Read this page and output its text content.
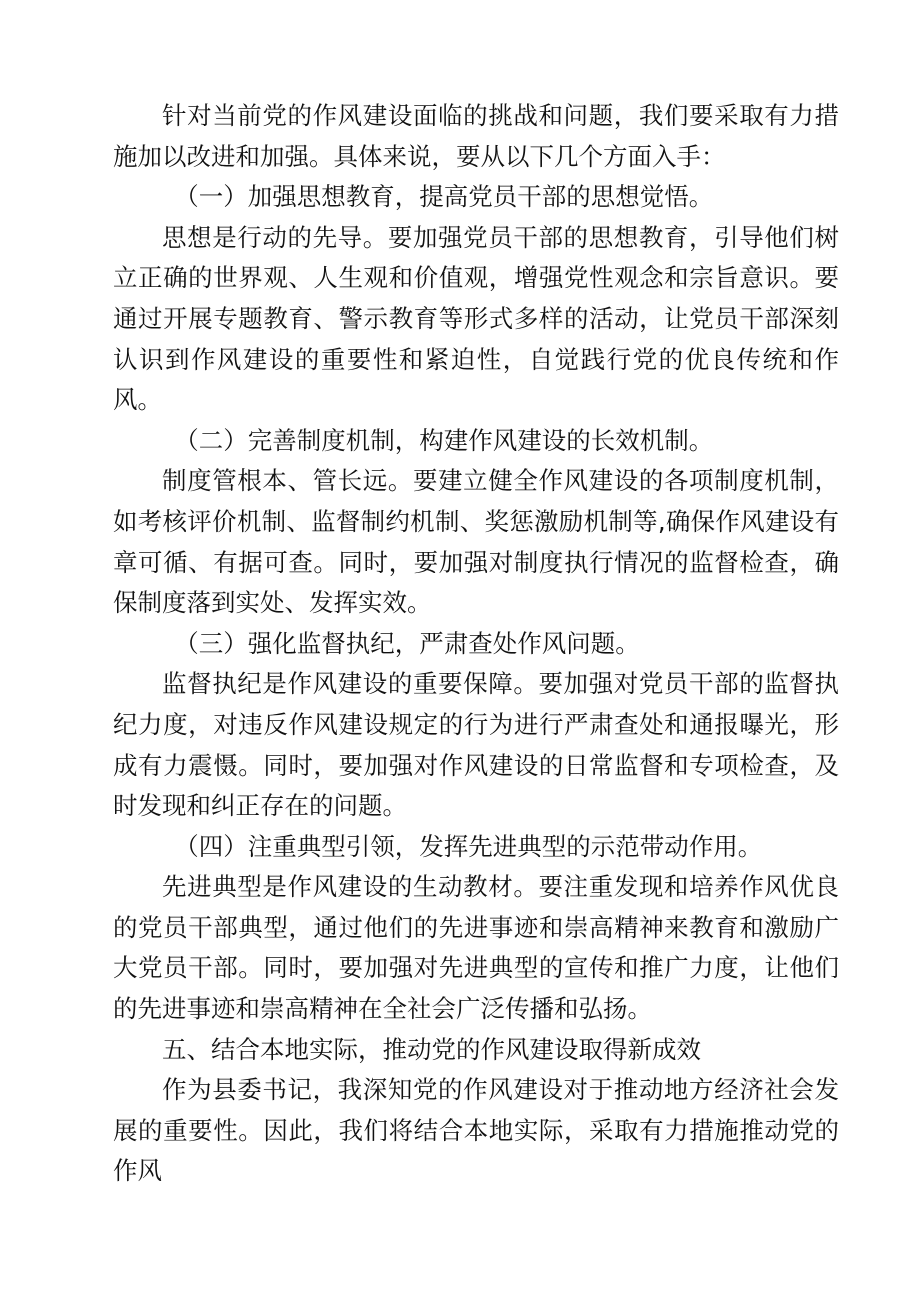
针对当前党的作风建设面临的挑战和问题，我们要采取有力措施加以改进和加强。具体来说，要从以下几个方面入手：

（一）加强思想教育，提高党员干部的思想觉悟。

思想是行动的先导。要加强党员干部的思想教育，引导他们树立正确的世界观、人生观和价值观，增强党性观念和宗旨意识。要通过开展专题教育、警示教育等形式多样的活动，让党员干部深刻认识到作风建设的重要性和紧迫性，自觉践行党的优良传统和作风。

（二）完善制度机制，构建作风建设的长效机制。

制度管根本、管长远。要建立健全作风建设的各项制度机制，如考核评价机制、监督制约机制、奖惩激励机制等,确保作风建设有章可循、有据可查。同时，要加强对制度执行情况的监督检查，确保制度落到实处、发挥实效。

（三）强化监督执纪，严肃查处作风问题。

监督执纪是作风建设的重要保障。要加强对党员干部的监督执纪力度，对违反作风建设规定的行为进行严肃查处和通报曝光，形成有力震慑。同时，要加强对作风建设的日常监督和专项检查，及时发现和纠正存在的问题。

（四）注重典型引领，发挥先进典型的示范带动作用。

先进典型是作风建设的生动教材。要注重发现和培养作风优良的党员干部典型，通过他们的先进事迹和崇高精神来教育和激励广大党员干部。同时，要加强对先进典型的宣传和推广力度，让他们的先进事迹和崇高精神在全社会广泛传播和弘扬。

五、结合本地实际，推动党的作风建设取得新成效

作为县委书记，我深知党的作风建设对于推动地方经济社会发展的重要性。因此，我们将结合本地实际，采取有力措施推动党的作风
